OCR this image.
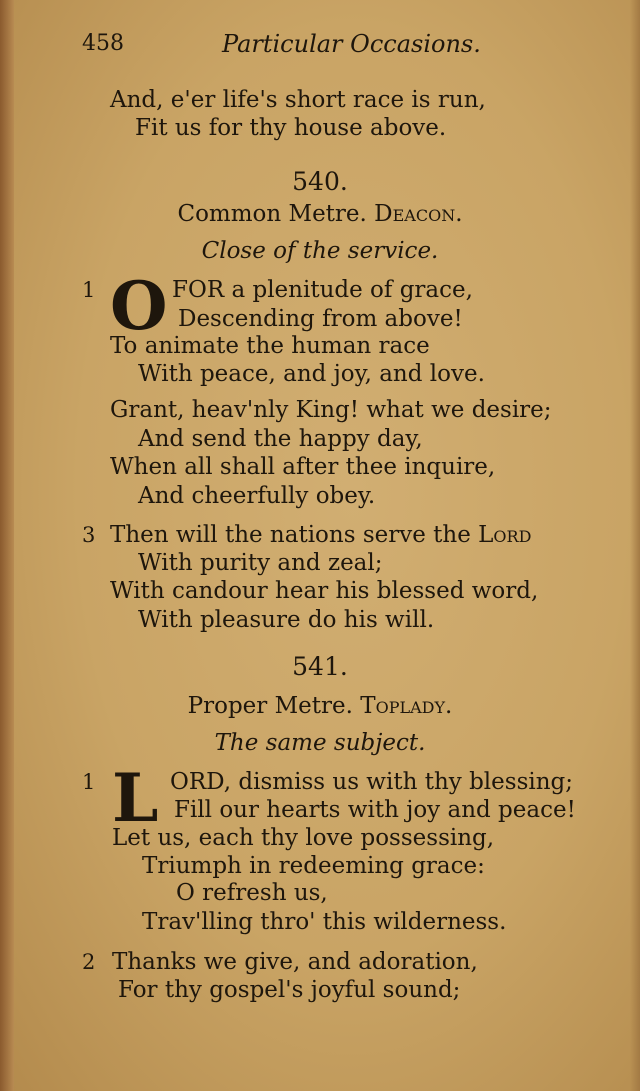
458	Particular Occasions.
And, e'er life's short race is run,
Fit us for thy house above.
540.
Common Metre. Deacon.
Close of the service.
1 O FOR a plenitude of grace,
Descending from above!
To animate the human race
With peace, and joy, and love.
Grant, heav'nly King! what we desire;
And send the happy day,
When all shall after thee inquire,
And cheerfully obey.
3 Then will the nations serve the Lord
With purity and zeal;
With candour hear his blessed word,
With pleasure do his will.
541.
Proper Metre. Toplady.
The same subject.
1 L ORD, dismiss us with thy blessing;
Fill our hearts with joy and peace!
Let us, each thy love possessing,
Triumph in redeeming grace:
O refresh us,
Trav'lling thro' this wilderness.
2 Thanks we give, and adoration,
For thy gospel's joyful sound;
